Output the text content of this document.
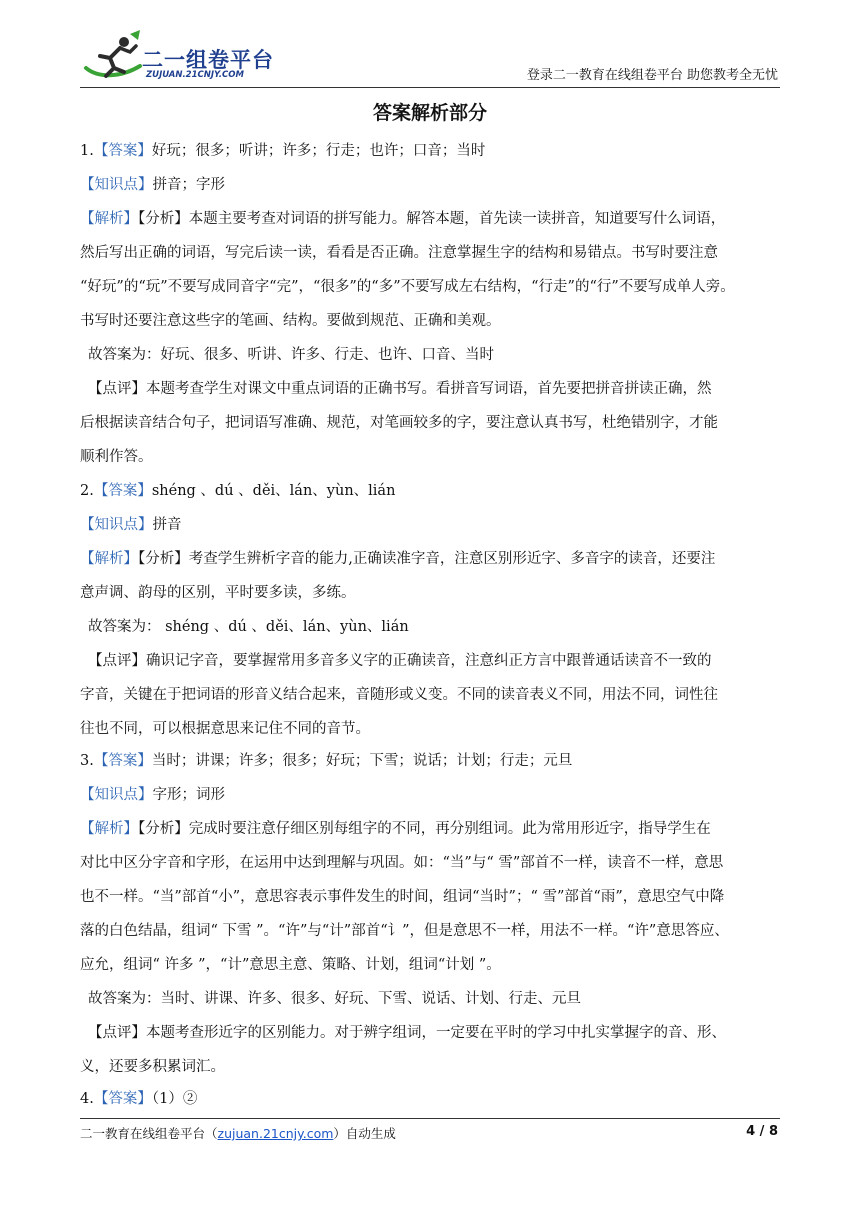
二一组卷平台
ZUJUAN.21CNJY.COM	登录二一教育在线组卷平台 助您教考全无忧
答案解析部分
1.【答案】好玩；很多；听讲；许多；行走；也许；口音；当时
【知识点】拼音；字形
【解析】【分析】本题主要考查对词语的拼写能力。解答本题，首先读一读拼音，知道要写什么词语，
然后写出正确的词语，写完后读一读，看看是否正确。注意掌握生字的结构和易错点。书写时要注意
“好玩”的“玩”不要写成同音字“完”，“很多”的“多”不要写成左右结构，“行走”的“行”不要写成单人旁。
书写时还要注意这些字的笔画、结构。要做到规范、正确和美观。
故答案为：好玩、很多、听讲、许多、行走、也许、口音、当时
【点评】本题考查学生对课文中重点词语的正确书写。看拼音写词语，首先要把拼音拼读正确，然
后根据读音结合句子，把词语写准确、规范，对笔画较多的字，要注意认真书写，杜绝错别字，才能
顺利作答。
2.【答案】shéng 、dú 、děi、lán、yùn、lián
【知识点】拼音
【解析】【分析】考查学生辨析字音的能力,正确读准字音，注意区别形近字、多音字的读音，还要注
意声调、韵母的区别，平时要多读，多练。
故答案为： shéng 、dú 、děi、lán、yùn、lián
【点评】确识记字音，要掌握常用多音多义字的正确读音，注意纠正方言中跟普通话读音不一致的
字音，关键在于把词语的形音义结合起来，音随形或义变。不同的读音表义不同，用法不同，词性往
往也不同，可以根据意思来记住不同的音节。
3.【答案】当时；讲课；许多；很多；好玩；下雪；说话；计划；行走；元旦
【知识点】字形；词形
【解析】【分析】完成时要注意仔细区别每组字的不同，再分别组词。此为常用形近字，指导学生在
对比中区分字音和字形，在运用中达到理解与巩固。如：“当”与“ 雪”部首不一样，读音不一样，意思
也不一样。“当”部首“小”，意思容表示事件发生的时间，组词“当时”；“ 雪”部首“雨”，意思空气中降
落的白色结晶，组词“ 下雪 ”。“许”与“计”部首“讠”，但是意思不一样，用法不一样。“许”意思答应、
应允，组词“ 许多 ”，“计”意思主意、策略、计划，组词“计划 ”。
故答案为：当时、讲课、许多、很多、好玩、下雪、说话、计划、行走、元旦
【点评】本题考查形近字的区别能力。对于辨字组词，一定要在平时的学习中扎实掌握字的音、形、
义，还要多积累词汇。
4.【答案】（1）②
二一教育在线组卷平台（zujuan.21cnjy.com）自动生成	4 / 8
